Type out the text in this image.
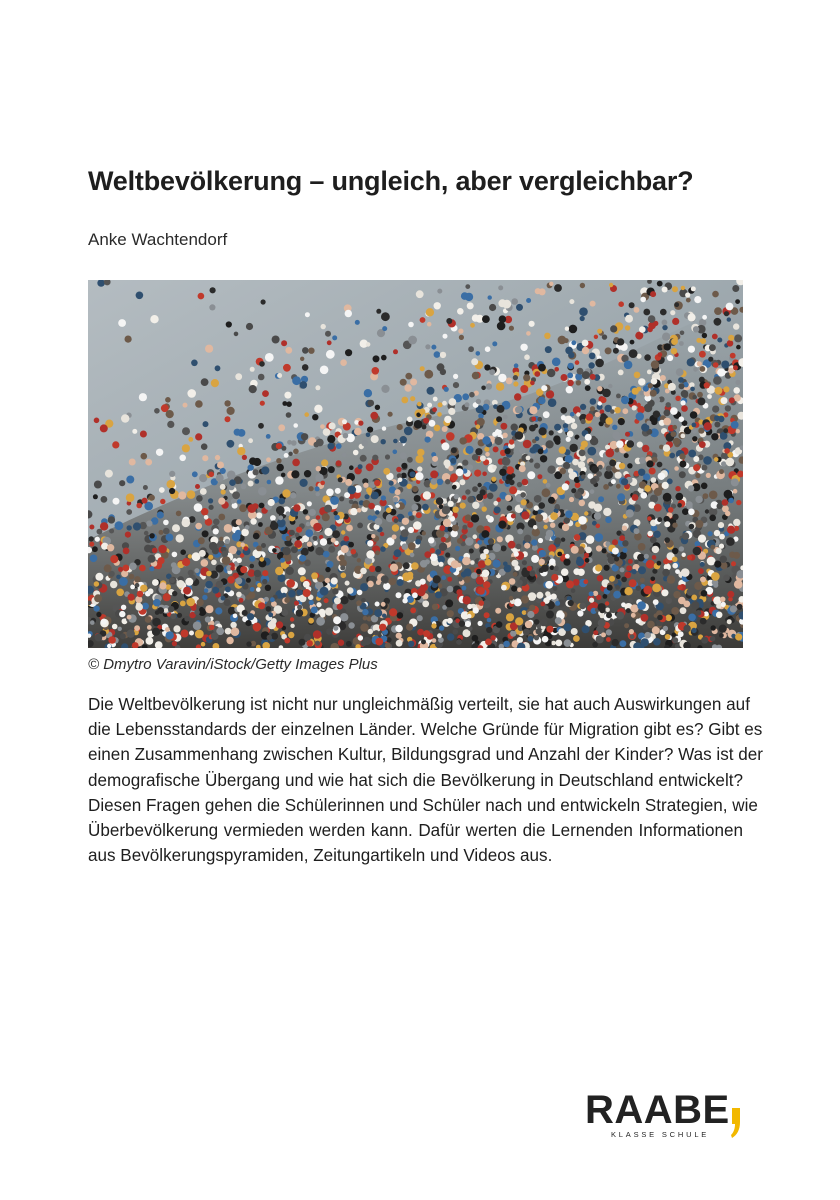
Weltbevölkerung – ungleich, aber vergleichbar?
Anke Wachtendorf
© Dmytro Varavin/iStock/Getty Images Plus
Die Weltbevölkerung ist nicht nur ungleichmäßig verteilt, sie hat auch Auswirkungen auf
die Lebensstandards der einzelnen Länder. Welche Gründe für Migration gibt es? Gibt es
einen Zusammenhang zwischen Kultur, Bildungsgrad und Anzahl der Kinder? Was ist der
demografische Übergang und wie hat sich die Bevölkerung in Deutschland entwickelt?
Diesen Fragen gehen die Schülerinnen und Schüler nach und entwickeln Strategien, wie
Überbevölkerung vermieden werden kann. Dafür werten die Lernenden Informationen
aus Bevölkerungspyramiden, Zeitungartikeln und Videos aus.
RAABE
KLASSE SCHULE
